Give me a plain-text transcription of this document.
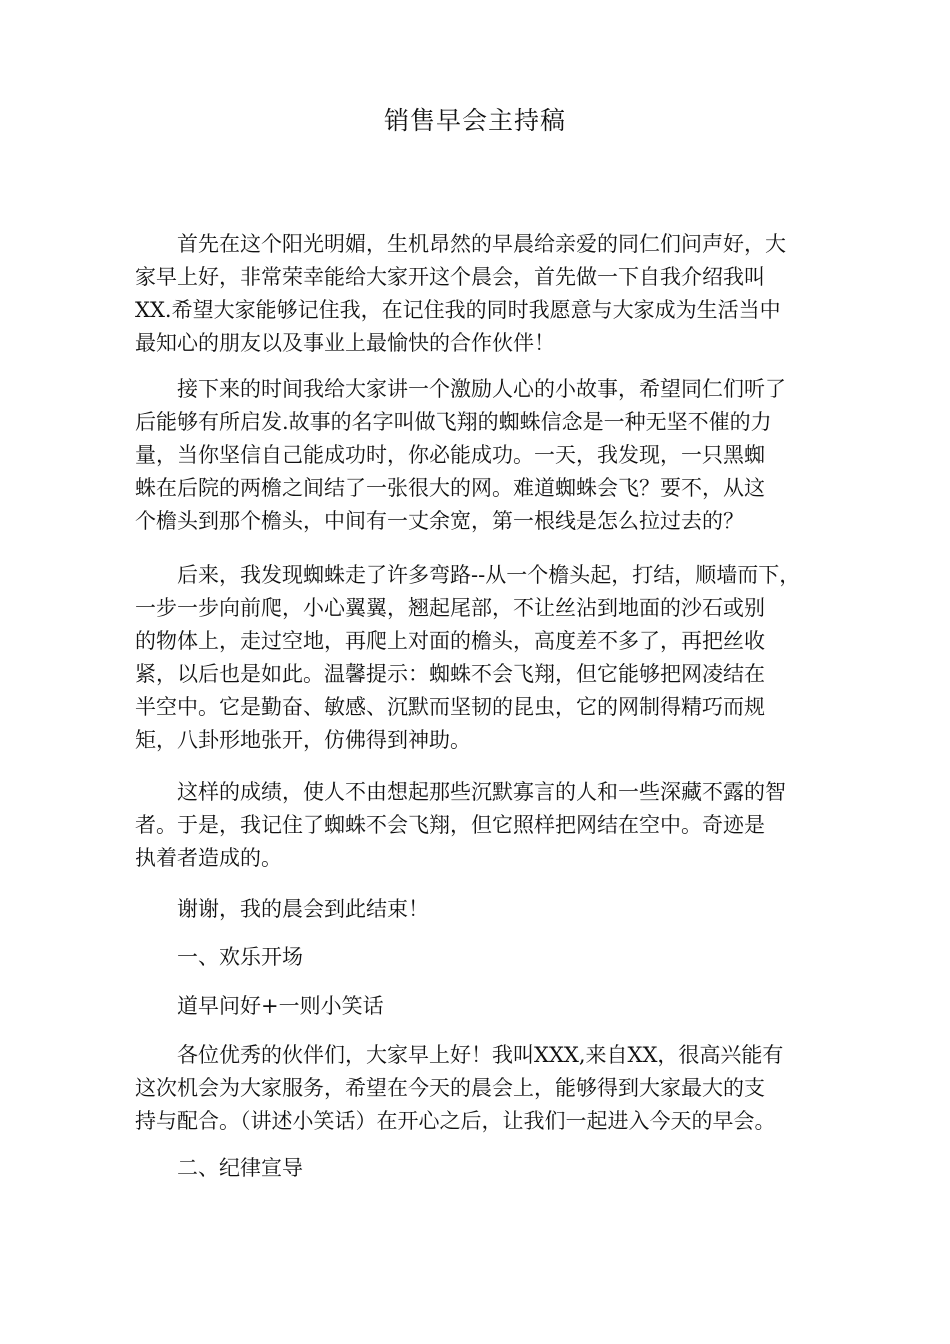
销售早会主持稿
　　首先在这个阳光明媚，生机昂然的早晨给亲爱的同仁们问声好，大
家早上好，非常荣幸能给大家开这个晨会，首先做一下自我介绍我叫
XX.希望大家能够记住我，在记住我的同时我愿意与大家成为生活当中
最知心的朋友以及事业上最愉快的合作伙伴！
　　接下来的时间我给大家讲一个激励人心的小故事，希望同仁们听了
后能够有所启发.故事的名字叫做飞翔的蜘蛛信念是一种无坚不催的力
量，当你坚信自己能成功时，你必能成功。一天，我发现，一只黑蜘
蛛在后院的两檐之间结了一张很大的网。难道蜘蛛会飞？要不，从这
个檐头到那个檐头，中间有一丈余宽，第一根线是怎么拉过去的？
　　后来，我发现蜘蛛走了许多弯路--从一个檐头起，打结，顺墙而下，
一步一步向前爬，小心翼翼，翘起尾部，不让丝沾到地面的沙石或别
的物体上，走过空地，再爬上对面的檐头，高度差不多了，再把丝收
紧，以后也是如此。温馨提示：蜘蛛不会飞翔，但它能够把网凌结在
半空中。它是勤奋、敏感、沉默而坚韧的昆虫，它的网制得精巧而规
矩，八卦形地张开，仿佛得到神助。
　　这样的成绩，使人不由想起那些沉默寡言的人和一些深藏不露的智
者。于是，我记住了蜘蛛不会飞翔，但它照样把网结在空中。奇迹是
执着者造成的。
　　谢谢，我的晨会到此结束！
　　一、欢乐开场
　　道早问好+一则小笑话
　　各位优秀的伙伴们，大家早上好！我叫XXX,来自XX，很高兴能有
这次机会为大家服务，希望在今天的晨会上，能够得到大家最大的支
持与配合。（讲述小笑话）在开心之后，让我们一起进入今天的早会。
　　二、纪律宣导
